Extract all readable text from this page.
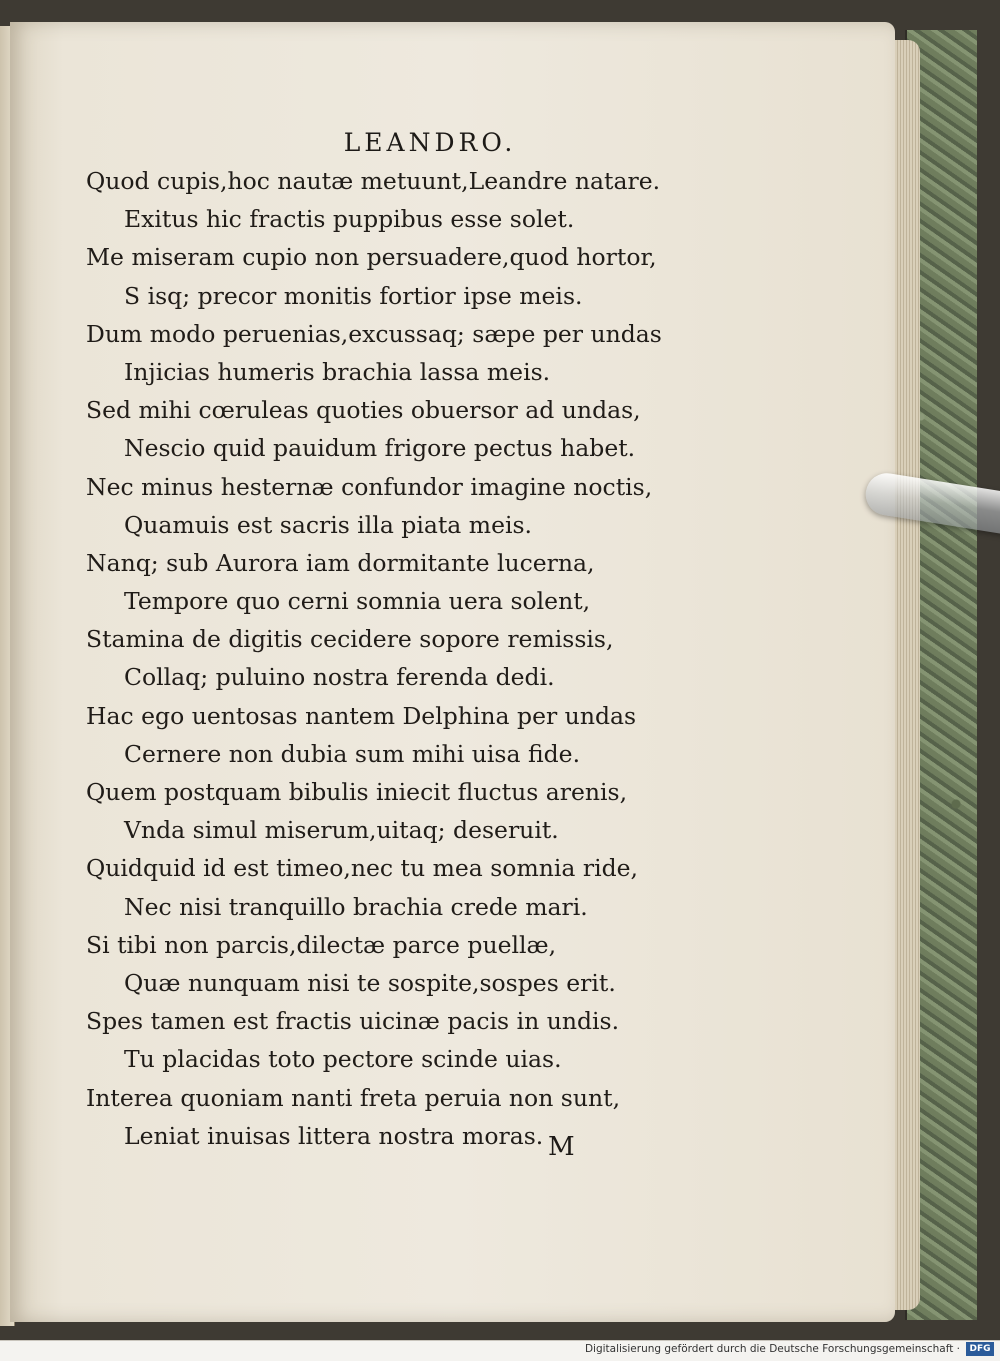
LEANDRO.
Quod cupis,hoc nautæ metuunt,Leandre natare.
Exitus hic fractis puppibus esse solet.
Me miseram cupio non persuadere,quod hortor,
S isq; precor monitis fortior ipse meis.
Dum modo peruenias,excussaq; sæpe per undas
Injicias humeris brachia lassa meis.
Sed mihi cœruleas quoties obuersor ad undas,
Nescio quid pauidum frigore pectus habet.
Nec minus hesternæ confundor imagine noctis,
Quamuis est sacris illa piata meis.
Nanq; sub Aurora iam dormitante lucerna,
Tempore quo cerni somnia uera solent,
Stamina de digitis cecidere sopore remissis,
Collaq; puluino nostra ferenda dedi.
Hac ego uentosas nantem Delphina per undas
Cernere non dubia sum mihi uisa fide.
Quem postquam bibulis iniecit fluctus arenis,
Vnda simul miserum,uitaq; deseruit.
Quidquid id est timeo,nec tu mea somnia ride,
Nec nisi tranquillo brachia crede mari.
Si tibi non parcis,dilectæ parce puellæ,
Quæ nunquam nisi te sospite,sospes erit.
Spes tamen est fractis uicinæ pacis in undis.
Tu placidas toto pectore scinde uias.
Interea quoniam nanti freta peruia non sunt,
Leniat inuisas littera nostra moras. M
Digitalisierung gefördert durch die Deutsche Forschungsgemeinschaft ·	DFG
